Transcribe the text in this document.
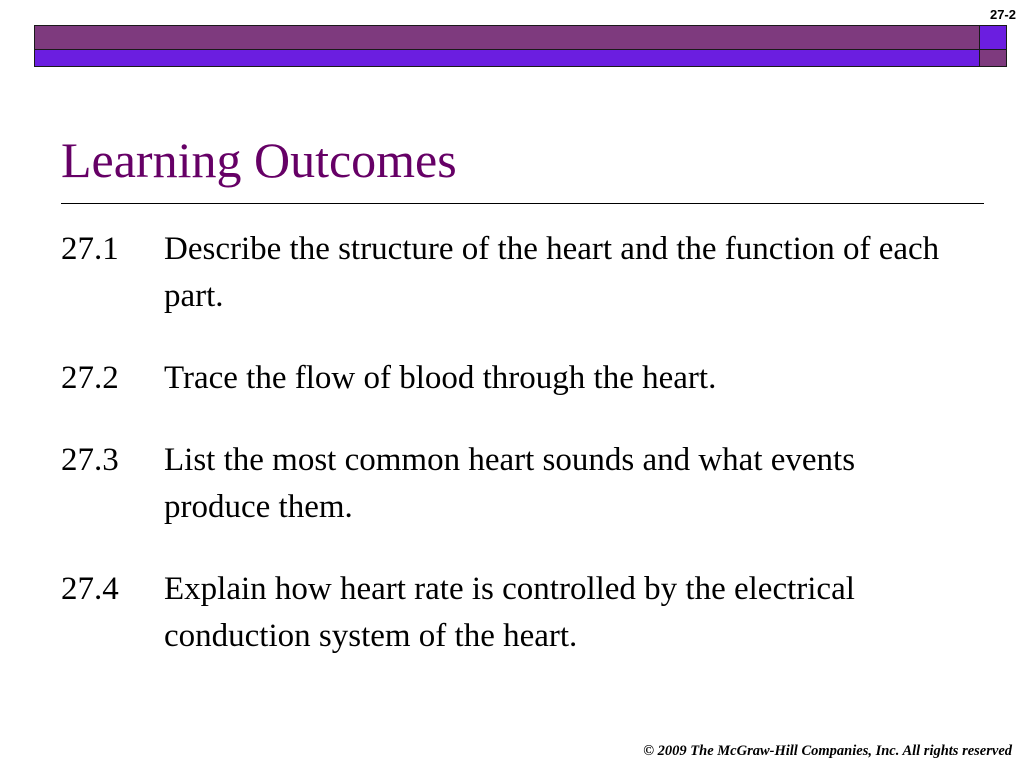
27-2
Learning Outcomes
27.1	Describe the structure of the heart and the function of each part.
27.2	Trace the flow of blood through the heart.
27.3	List the most common heart sounds and what events produce them.
27.4	Explain how heart rate is controlled by the electrical conduction system of the heart.
© 2009 The McGraw-Hill Companies, Inc. All rights reserved
